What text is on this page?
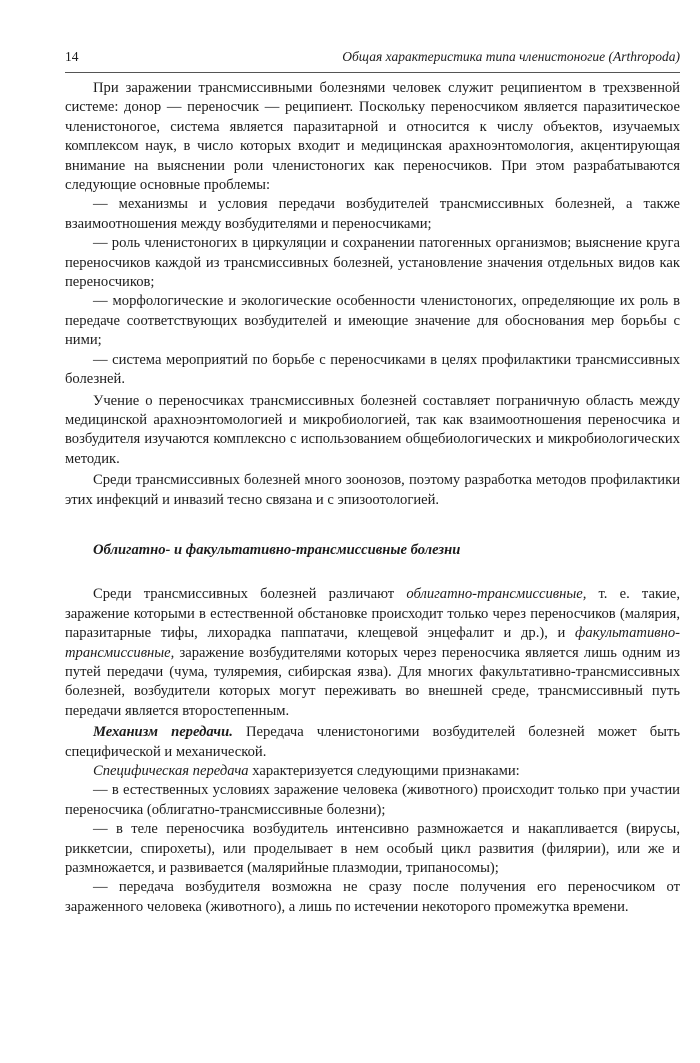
14	Общая характеристика типа членистоногие (Arthropoda)

При заражении трансмиссивными болезнями человек служит реципиентом в трехзвенной системе: донор — переносчик — реципиент. Поскольку переносчиком является паразитическое членистоногое, система является паразитарной и относится к числу объектов, изучаемых комплексом наук, в число которых входит и медицинская арахноэнтомология, акцентирующая внимание на выяснении роли членистоногих как переносчиков. При этом разрабатываются следующие основные проблемы:

— механизмы и условия передачи возбудителей трансмиссивных болезней, а также взаимоотношения между возбудителями и переносчиками;

— роль членистоногих в циркуляции и сохранении патогенных организмов; выяснение круга переносчиков каждой из трансмиссивных болезней, установление значения отдельных видов как переносчиков;

— морфологические и экологические особенности членистоногих, определяющие их роль в передаче соответствующих возбудителей и имеющие значение для обоснования мер борьбы с ними;

— система мероприятий по борьбе с переносчиками в целях профилактики трансмиссивных болезней.

Учение о переносчиках трансмиссивных болезней составляет пограничную область между медицинской арахноэнтомологией и микробиологией, так как взаимоотношения переносчика и возбудителя изучаются комплексно с использованием общебиологических и микробиологических методик.

Среди трансмиссивных болезней много зоонозов, поэтому разработка методов профилактики этих инфекций и инвазий тесно связана и с эпизоотологией.

Облигатно- и факультативно-трансмиссивные болезни

Среди трансмиссивных болезней различают облигатно-трансмиссивные, т. е. такие, заражение которыми в естественной обстановке происходит только через переносчиков (малярия, паразитарные тифы, лихорадка паппатачи, клещевой энцефалит и др.), и факультативно-трансмиссивные, заражение возбудителями которых через переносчика является лишь одним из путей передачи (чума, туляремия, сибирская язва). Для многих факультативно-трансмиссивных болезней, возбудители которых могут переживать во внешней среде, трансмиссивный путь передачи является второстепенным.

Механизм передачи. Передача членистоногими возбудителей болезней может быть специфической и механической.

Специфическая передача характеризуется следующими признаками:

— в естественных условиях заражение человека (животного) происходит только при участии переносчика (облигатно-трансмиссивные болезни);

— в теле переносчика возбудитель интенсивно размножается и накапливается (вирусы, риккетсии, спирохеты), или проделывает в нем особый цикл развития (филярии), или же и размножается, и развивается (малярийные плазмодии, трипаносомы);

— передача возбудителя возможна не сразу после получения его переносчиком от зараженного человека (животного), а лишь по истечении некоторого промежутка времени.
